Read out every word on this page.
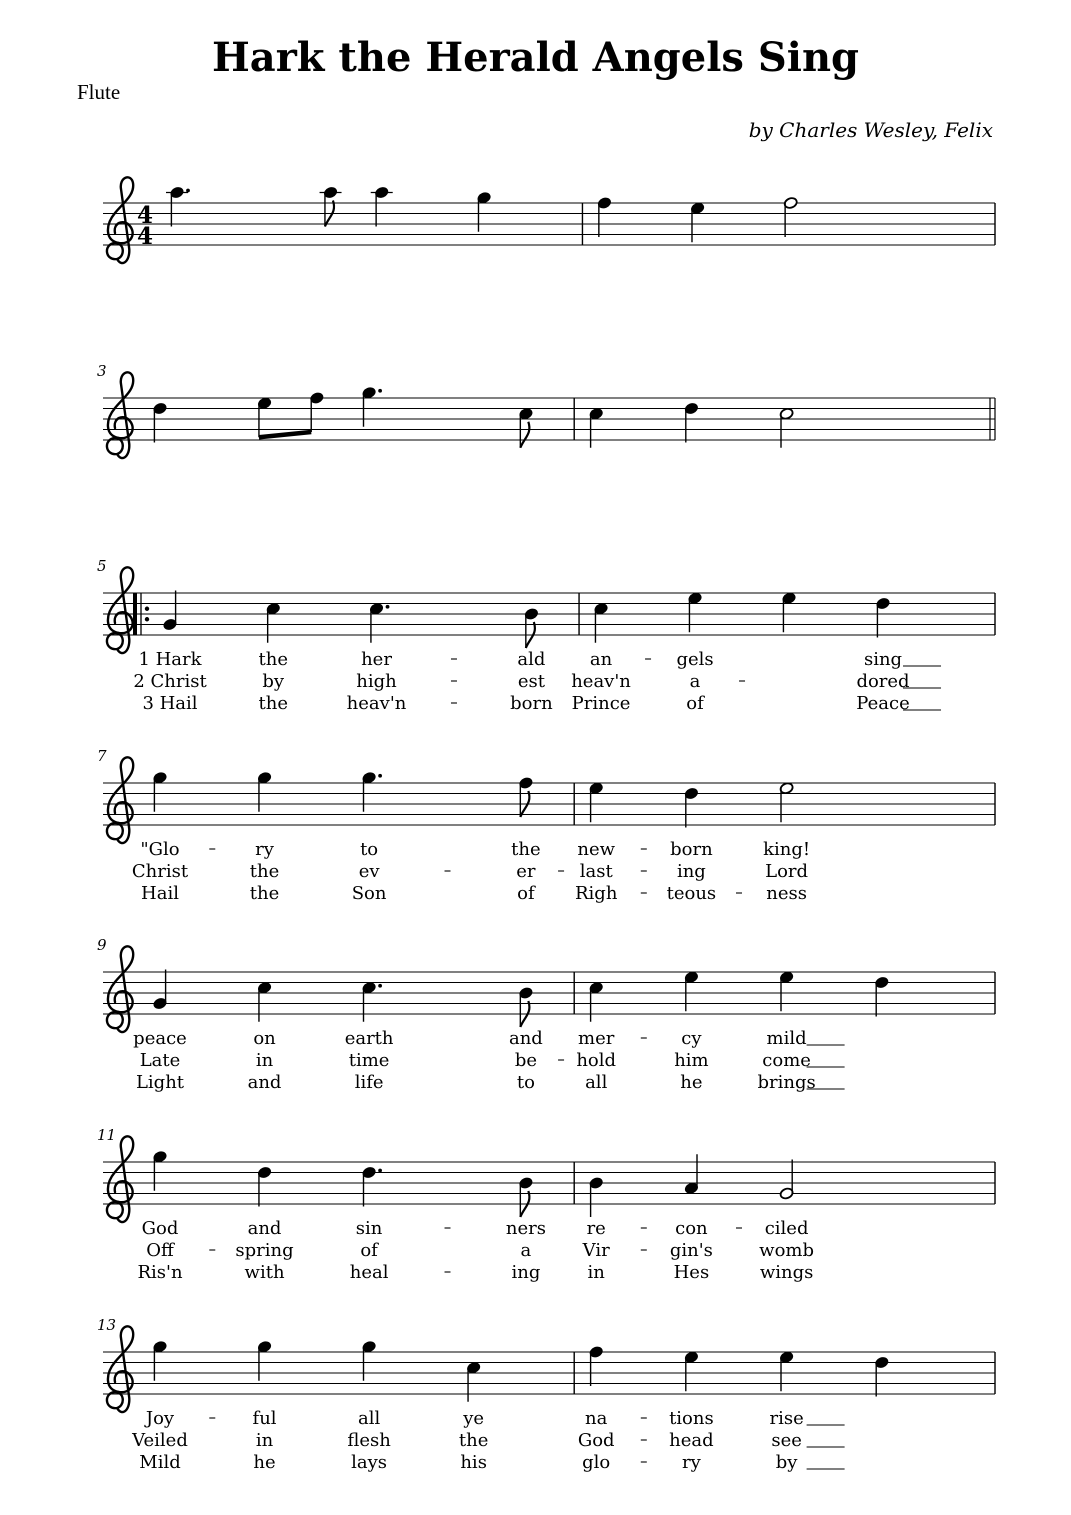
Hark the Herald Angels Sing
Flute
by Charles Wesley, Felix
4
4
3
5
1 Hark	the	her	ald an	gels	sing
2 Christ	by	high	est heav'n	a	dored
3 Hail	the	heav'n	born Prince	of	Peace
7
"Glo	ry	to	the new	born	king!
Christ	the	ev	er last	ing	Lord
Hail	the	Son	of Righ	teous	ness
9
peace	on	earth	and mer	cy	mild
Late	in	time	be hold	him	come
Light	and	life	to	all	he	brings
11
God	and	sin	ners re	con	ciled
Off	spring	of	a	Vir	gin's	womb
Ris'n	with	heal	ing	in	Hes	wings
13
Joy	ful	all	ye	na	tions	rise
Veiled	in	flesh	the	God	head	see
Mild	he	lays	his	glo	ry	by
